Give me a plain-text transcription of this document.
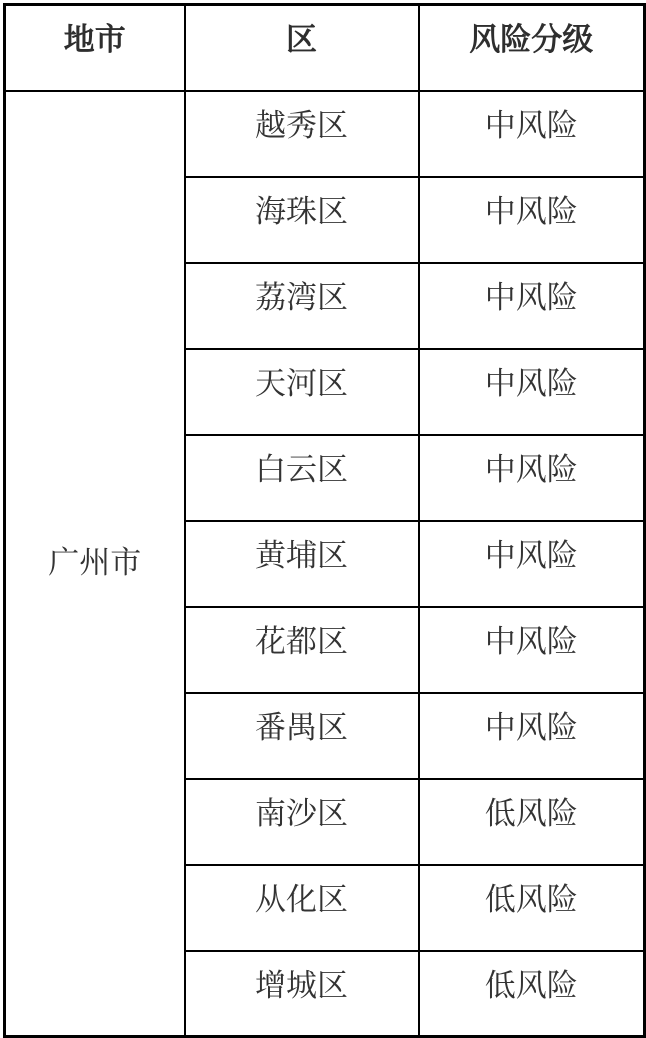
地市	区	风险分级
广州市	越秀区	中风险
	海珠区	中风险
	荔湾区	中风险
	天河区	中风险
	白云区	中风险
	黄埔区	中风险
	花都区	中风险
	番禺区	中风险
	南沙区	低风险
	从化区	低风险
	增城区	低风险
